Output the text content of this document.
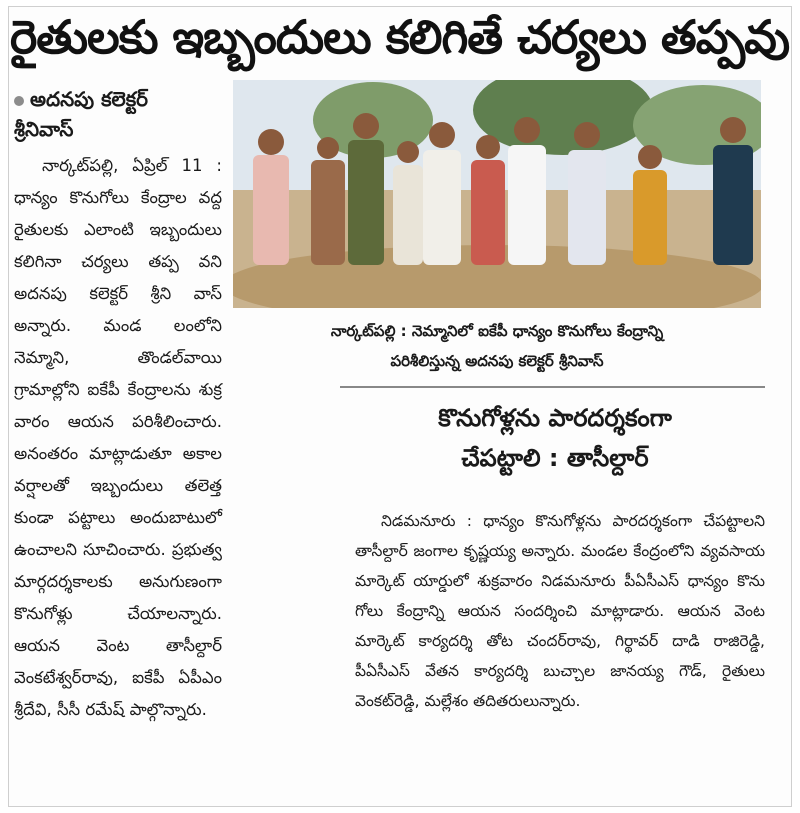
రైతులకు ఇబ్బందులు కలిగితే చర్యలు తప్పవు
అదనపు కలెక్టర్
శ్రీనివాస్
నార్కట్‌పల్లి, ఏప్రిల్ 11 : ధాన్యం కొనుగోలు కేంద్రాల వద్ద రైతులకు ఎలాంటి ఇబ్బందులు కలిగినా చర్యలు తప్ప వని అదనపు కలెక్టర్ శ్రీని వాస్ అన్నారు. మండ లంలోని నెమ్మాని, తొండల్‌వాయి గ్రామాల్లోని ఐకేపీ కేంద్రాలను శుక్ర వారం ఆయన పరిశీలించారు. అనంతరం మాట్లాడుతూ అకాల వర్షాలతో ఇబ్బందులు తలెత్త కుండా పట్టాలు అందుబాటులో ఉంచాలని సూచించారు. ప్రభుత్వ మార్గదర్శకాలకు అనుగుణంగా కొనుగోళ్లు చేయాలన్నారు. ఆయన వెంట తాసీల్దార్ వెంకటేశ్వర్‌రావు, ఐకేపీ ఏపీఎం శ్రీదేవి, సీసీ రమేష్ పాల్గొన్నారు.
నార్కట్‌పల్లి : నెమ్మానిలో ఐకేపీ ధాన్యం కొనుగోలు కేంద్రాన్ని
పరిశీలిస్తున్న అదనపు కలెక్టర్ శ్రీనివాస్
కొనుగోళ్లను పారదర్శకంగా
చేపట్టాలి : తాసీల్దార్
నిడమనూరు : ధాన్యం కొనుగోళ్లను పారదర్శకంగా చేపట్టాలని తాసీల్దార్ జంగాల కృష్ణయ్య అన్నారు. మండల కేంద్రంలోని వ్యవసాయ మార్కెట్ యార్డులో శుక్రవారం నిడమనూరు పీఏసీఎస్ ధాన్యం కొను గోలు కేంద్రాన్ని ఆయన సందర్శించి మాట్లాడారు. ఆయన వెంట మార్కెట్ కార్యదర్శి తోట చందర్‌రావు, గిర్థావర్ దాడి రాజిరెడ్డి, పీఏసీఎస్ వేతన కార్యదర్శి బుచ్చాల జానయ్య గౌడ్, రైతులు వెంకట్‌రెడ్డి, మల్లేశం తదితరులున్నారు.
